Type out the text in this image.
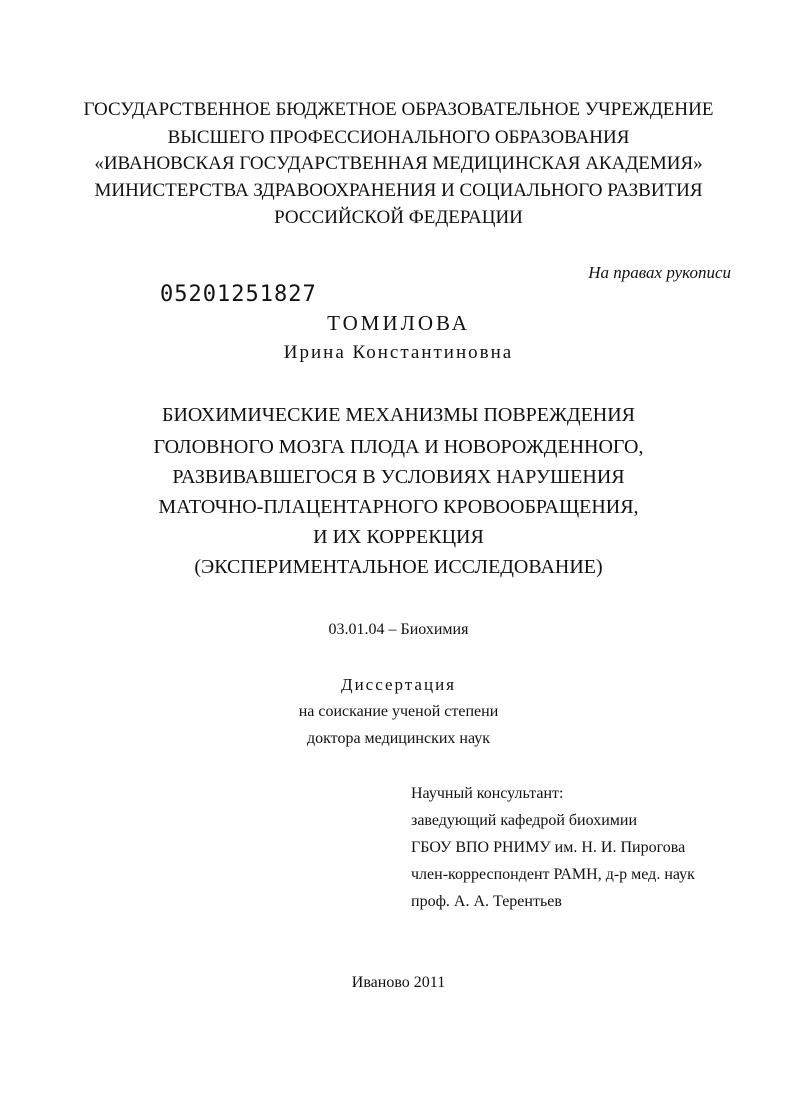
ГОСУДАРСТВЕННОЕ БЮДЖЕТНОЕ ОБРАЗОВАТЕЛЬНОЕ УЧРЕЖДЕНИЕ
ВЫСШЕГО ПРОФЕССИОНАЛЬНОГО ОБРАЗОВАНИЯ
«ИВАНОВСКАЯ ГОСУДАРСТВЕННАЯ МЕДИЦИНСКАЯ АКАДЕМИЯ»
МИНИСТЕРСТВА ЗДРАВООХРАНЕНИЯ И СОЦИАЛЬНОГО РАЗВИТИЯ
РОССИЙСКОЙ ФЕДЕРАЦИИ
На правах рукописи
05201251827
ТОМИЛОВА
Ирина Константиновна
БИОХИМИЧЕСКИЕ МЕХАНИЗМЫ ПОВРЕЖДЕНИЯ
ГОЛОВНОГО МОЗГА ПЛОДА И НОВОРОЖДЕННОГО,
РАЗВИВАВШЕГОСЯ В УСЛОВИЯХ НАРУШЕНИЯ
МАТОЧНО-ПЛАЦЕНТАРНОГО КРОВООБРАЩЕНИЯ,
И ИХ КОРРЕКЦИЯ
(ЭКСПЕРИМЕНТАЛЬНОЕ ИССЛЕДОВАНИЕ)
03.01.04 – Биохимия
Диссертация
на соискание ученой степени
доктора медицинских наук
Научный консультант:
заведующий кафедрой биохимии
ГБОУ ВПО РНИМУ им. Н. И. Пирогова
член-корреспондент РАМН, д-р мед. наук
проф. А. А. Терентьев
Иваново 2011
